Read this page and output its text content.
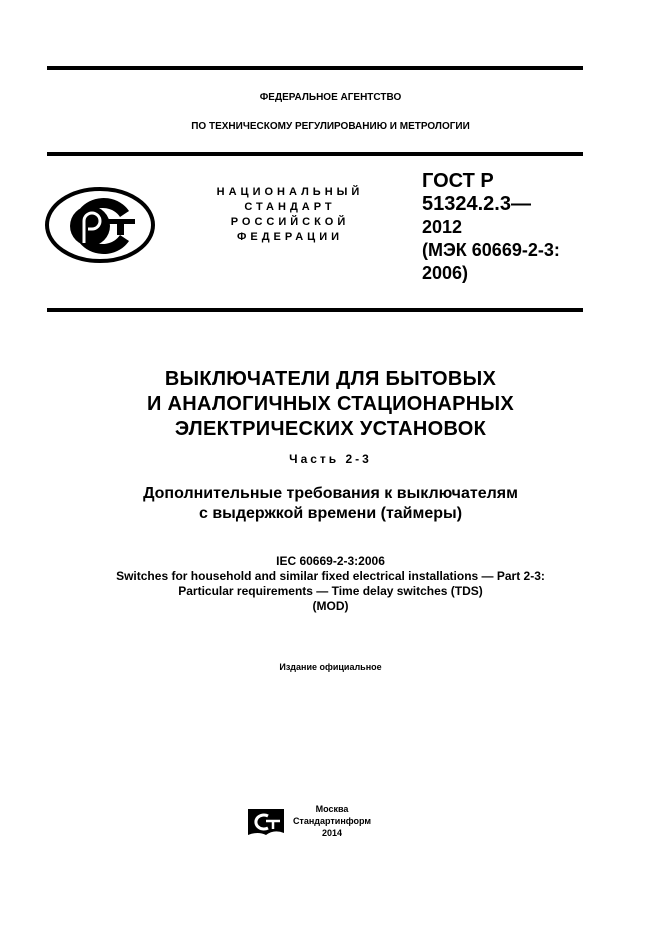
ФЕДЕРАЛЬНОЕ АГЕНТСТВО
ПО ТЕХНИЧЕСКОМУ РЕГУЛИРОВАНИЮ И МЕТРОЛОГИИ
НАЦИОНАЛЬНЫЙ
СТАНДАРТ
РОССИЙСКОЙ
ФЕДЕРАЦИИ
ГОСТ Р
51324.2.3—
2012
(МЭК 60669-2-3:
2006)
ВЫКЛЮЧАТЕЛИ ДЛЯ БЫТОВЫХ
И АНАЛОГИЧНЫХ СТАЦИОНАРНЫХ
ЭЛЕКТРИЧЕСКИХ УСТАНОВОК
Часть 2-3
Дополнительные требования к выключателям
с выдержкой времени (таймеры)
IEC 60669-2-3:2006
Switches for household and similar fixed electrical installations — Part 2-3:
Particular requirements — Time delay switches (TDS)
(MOD)
Издание официальное
Москва
Стандартинформ
2014
